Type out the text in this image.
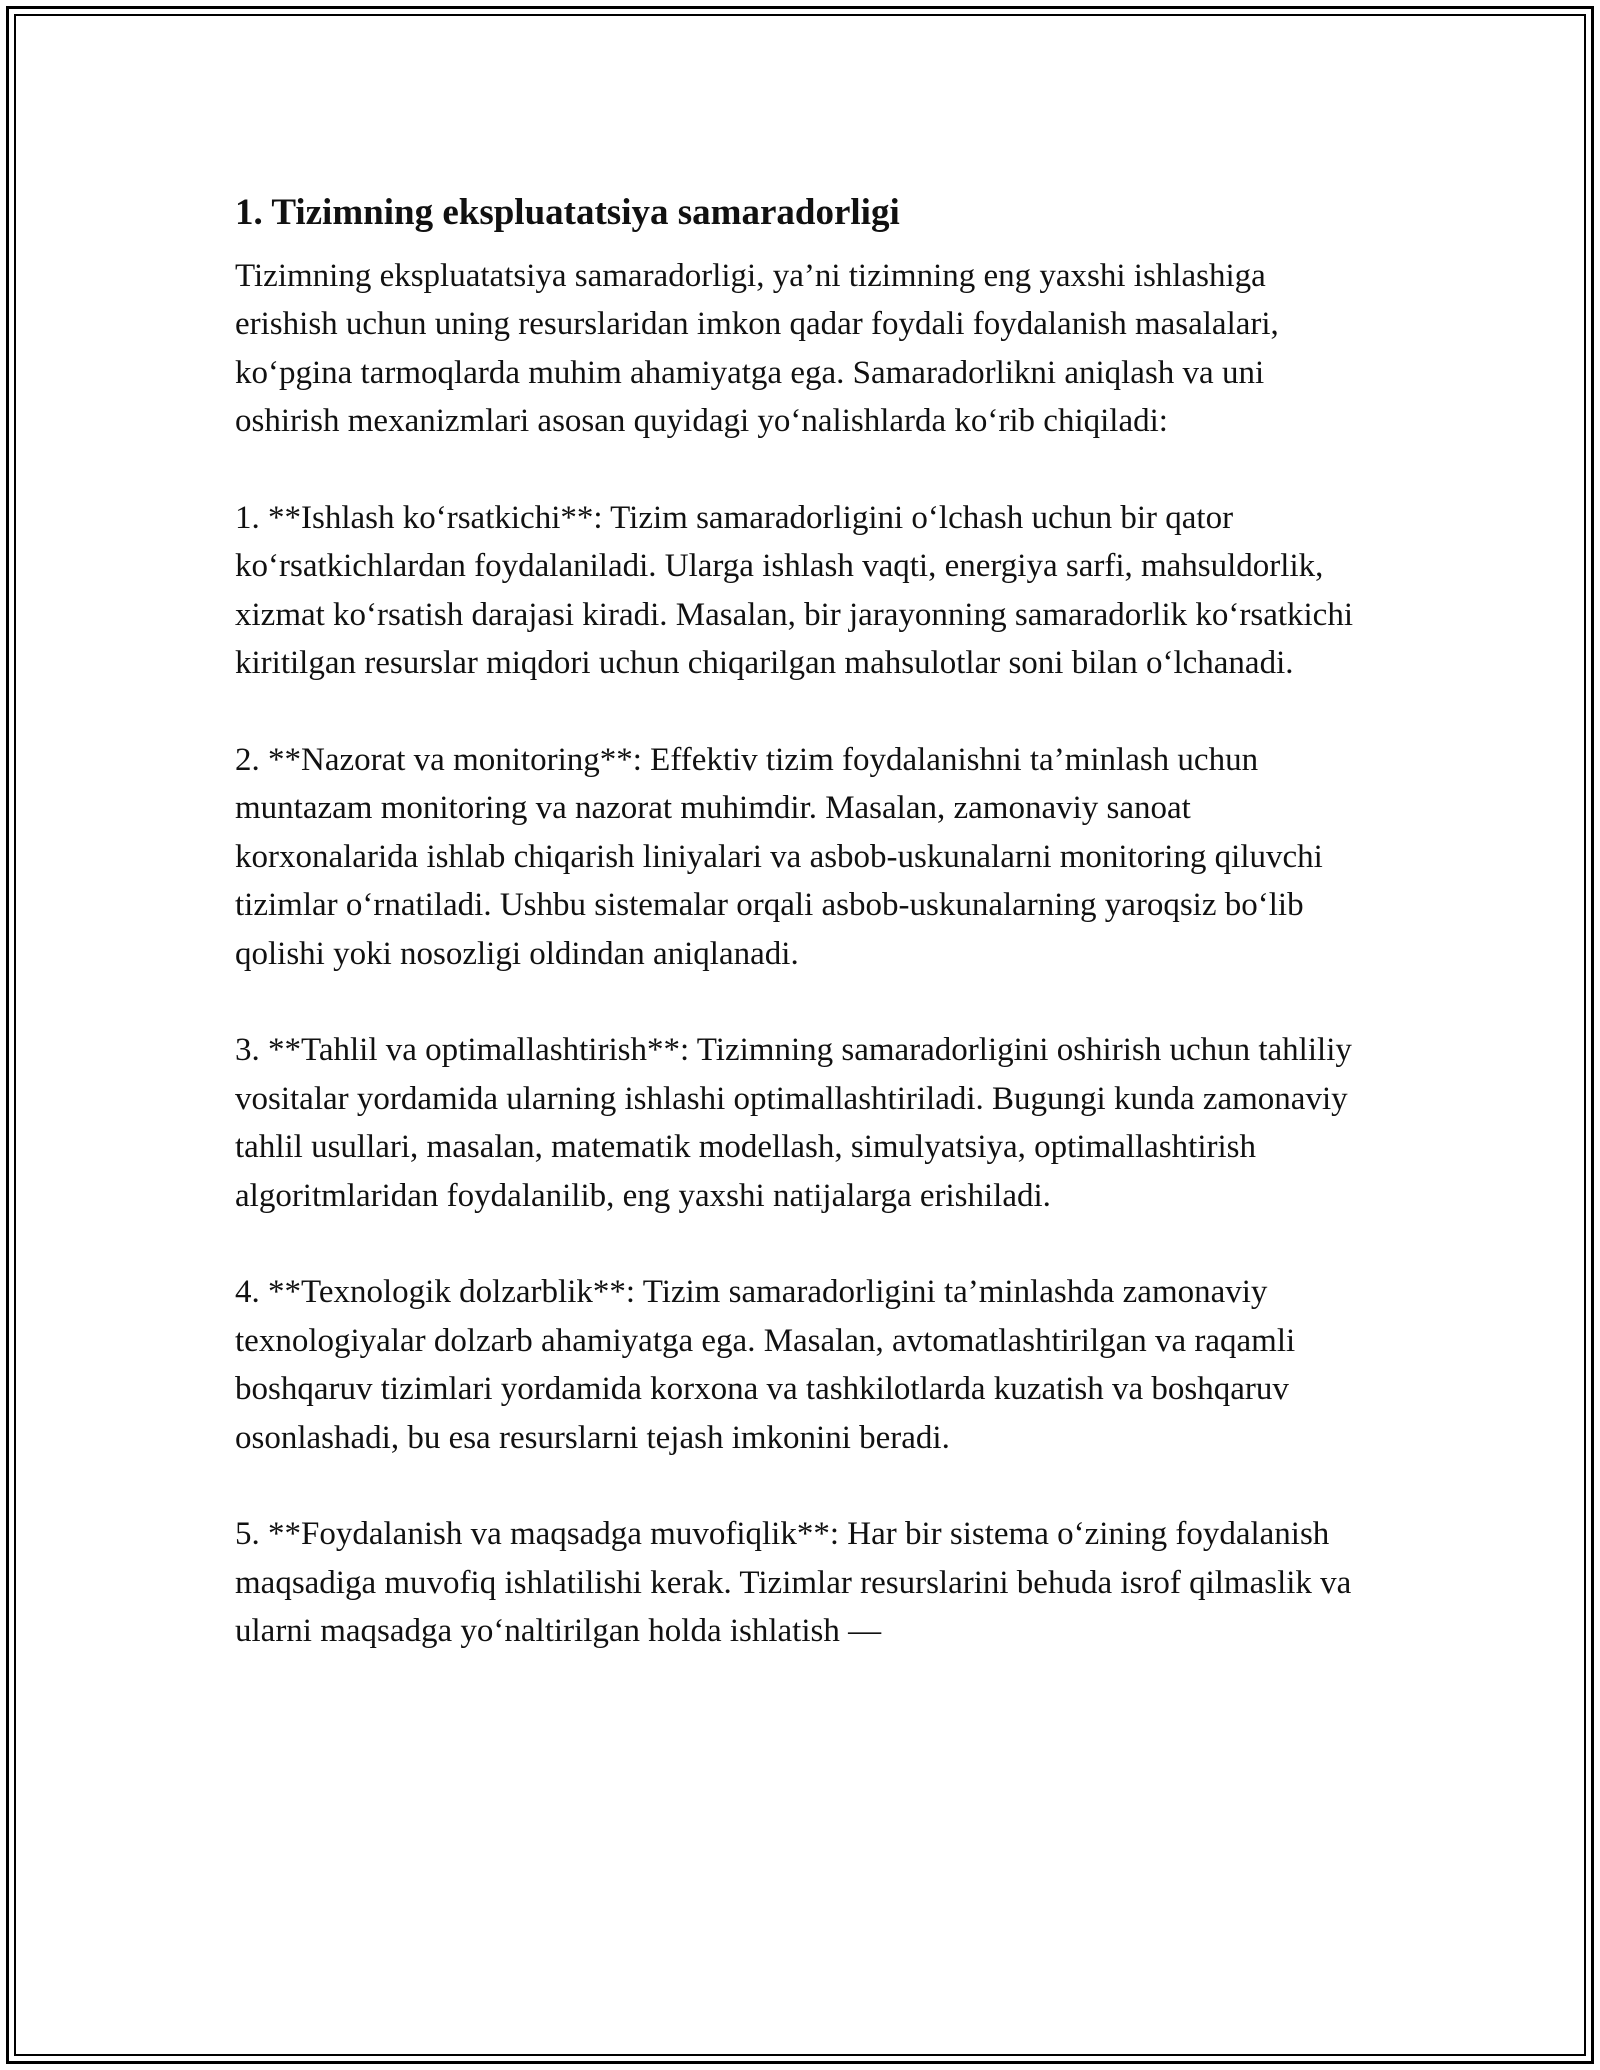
1. Tizimning ekspluatatsiya samaradorligi

Tizimning ekspluatatsiya samaradorligi, ya’ni tizimning eng yaxshi ishlashiga erishish uchun uning resurslaridan imkon qadar foydali foydalanish masalalari, ko‘pgina tarmoqlarda muhim ahamiyatga ega. Samaradorlikni aniqlash va uni oshirish mexanizmlari asosan quyidagi yo‘nalishlarda ko‘rib chiqiladi:

1. **Ishlash ko‘rsatkichi**: Tizim samaradorligini o‘lchash uchun bir qator ko‘rsatkichlardan foydalaniladi. Ularga ishlash vaqti, energiya sarfi, mahsuldorlik, xizmat ko‘rsatish darajasi kiradi. Masalan, bir jarayonning samaradorlik ko‘rsatkichi kiritilgan resurslar miqdori uchun chiqarilgan mahsulotlar soni bilan o‘lchanadi.

2. **Nazorat va monitoring**: Effektiv tizim foydalanishni ta’minlash uchun muntazam monitoring va nazorat muhimdir. Masalan, zamonaviy sanoat korxonalarida ishlab chiqarish liniyalari va asbob-uskunalarni monitoring qiluvchi tizimlar o‘rnatiladi. Ushbu sistemalar orqali asbob-uskunalarning yaroqsiz bo‘lib qolishi yoki nosozligi oldindan aniqlanadi.

3. **Tahlil va optimallashtirish**: Tizimning samaradorligini oshirish uchun tahliliy vositalar yordamida ularning ishlashi optimallashtiriladi. Bugungi kunda zamonaviy tahlil usullari, masalan, matematik modellash, simulyatsiya, optimallashtirish algoritmlaridan foydalanilib, eng yaxshi natijalarga erishiladi.

4. **Texnologik dolzarblik**: Tizim samaradorligini ta’minlashda zamonaviy texnologiyalar dolzarb ahamiyatga ega. Masalan, avtomatlashtirilgan va raqamli boshqaruv tizimlari yordamida korxona va tashkilotlarda kuzatish va boshqaruv osonlashadi, bu esa resurslarni tejash imkonini beradi.

5. **Foydalanish va maqsadga muvofiqlik**: Har bir sistema o‘zining foydalanish maqsadiga muvofiq ishlatilishi kerak. Tizimlar resurslarini behuda isrof qilmaslik va ularni maqsadga yo‘naltirilgan holda ishlatish —
